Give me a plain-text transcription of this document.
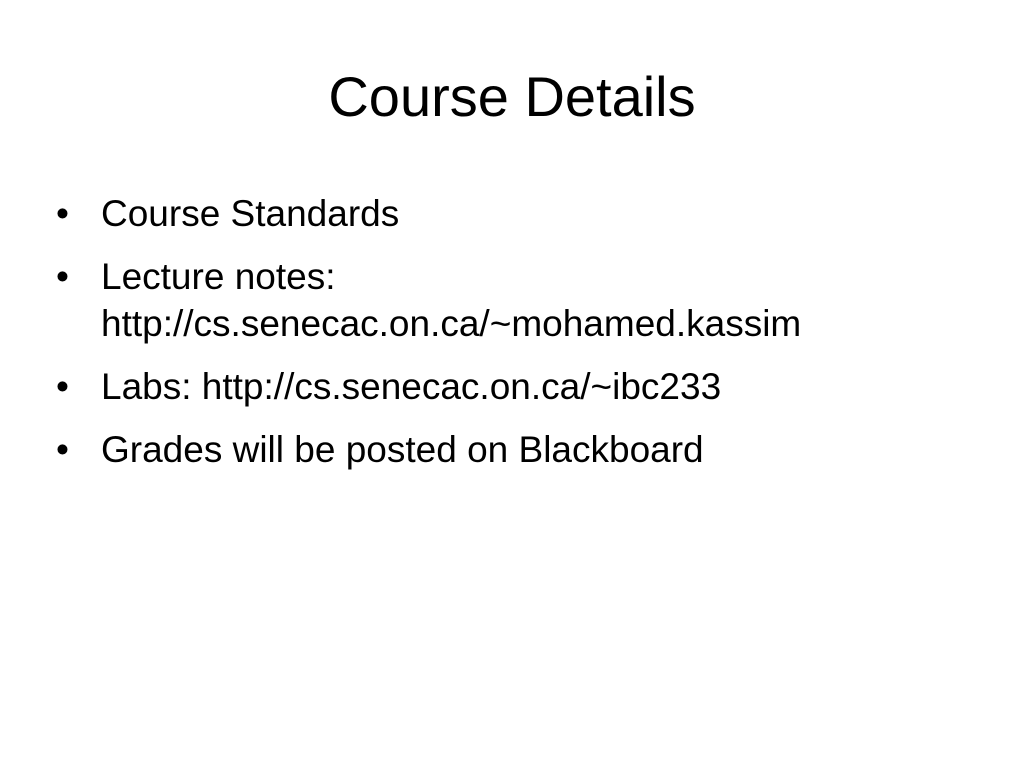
Course Details
• Course Standards
• Lecture notes:
http://cs.senecac.on.ca/~mohamed.kassim
• Labs: http://cs.senecac.on.ca/~ibc233
• Grades will be posted on Blackboard
